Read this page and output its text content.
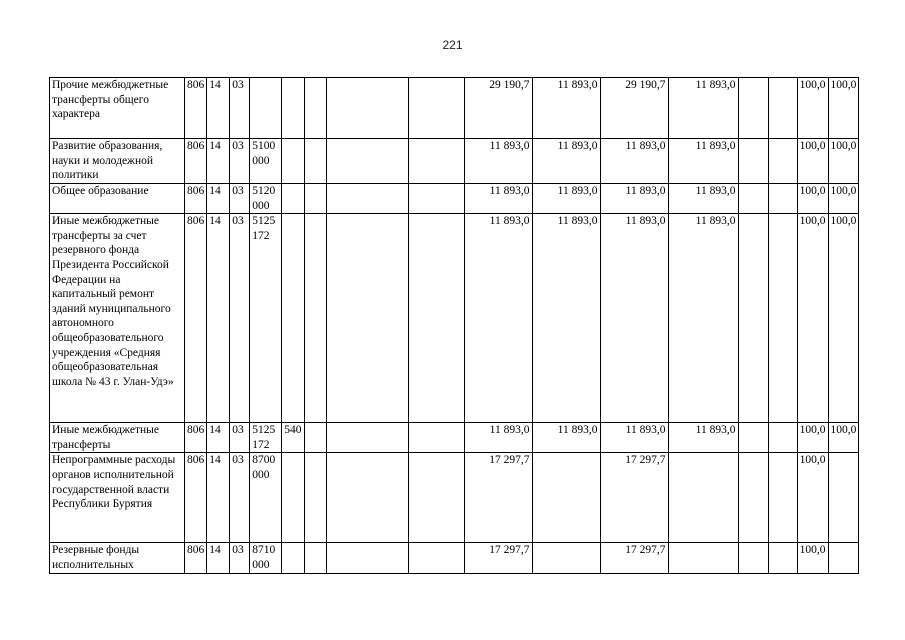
221
Прочие межбюджетные трансферты общего характера	806	14	03						29 190,7	11 893,0	29 190,7	11 893,0			100,0	100,0
Развитие образования, науки и молодежной политики	806	14	03	5100 000					11 893,0	11 893,0	11 893,0	11 893,0			100,0	100,0
Общее образование	806	14	03	5120 000					11 893,0	11 893,0	11 893,0	11 893,0			100,0	100,0
Иные межбюджетные трансферты за счет резервного фонда Президента Российской Федерации на капитальный ремонт зданий муниципального автономного общеобразовательного учреждения «Средняя общеобразовательная школа № 43 г. Улан-Удэ»	806	14	03	5125 172					11 893,0	11 893,0	11 893,0	11 893,0			100,0	100,0
Иные межбюджетные трансферты	806	14	03	5125 172	540				11 893,0	11 893,0	11 893,0	11 893,0			100,0	100,0
Непрограммные расходы органов исполнительной государственной власти Республики Бурятия	806	14	03	8700 000					17 297,7		17 297,7				100,0	
Резервные фонды исполнительных	806	14	03	8710 000					17 297,7		17 297,7				100,0	
